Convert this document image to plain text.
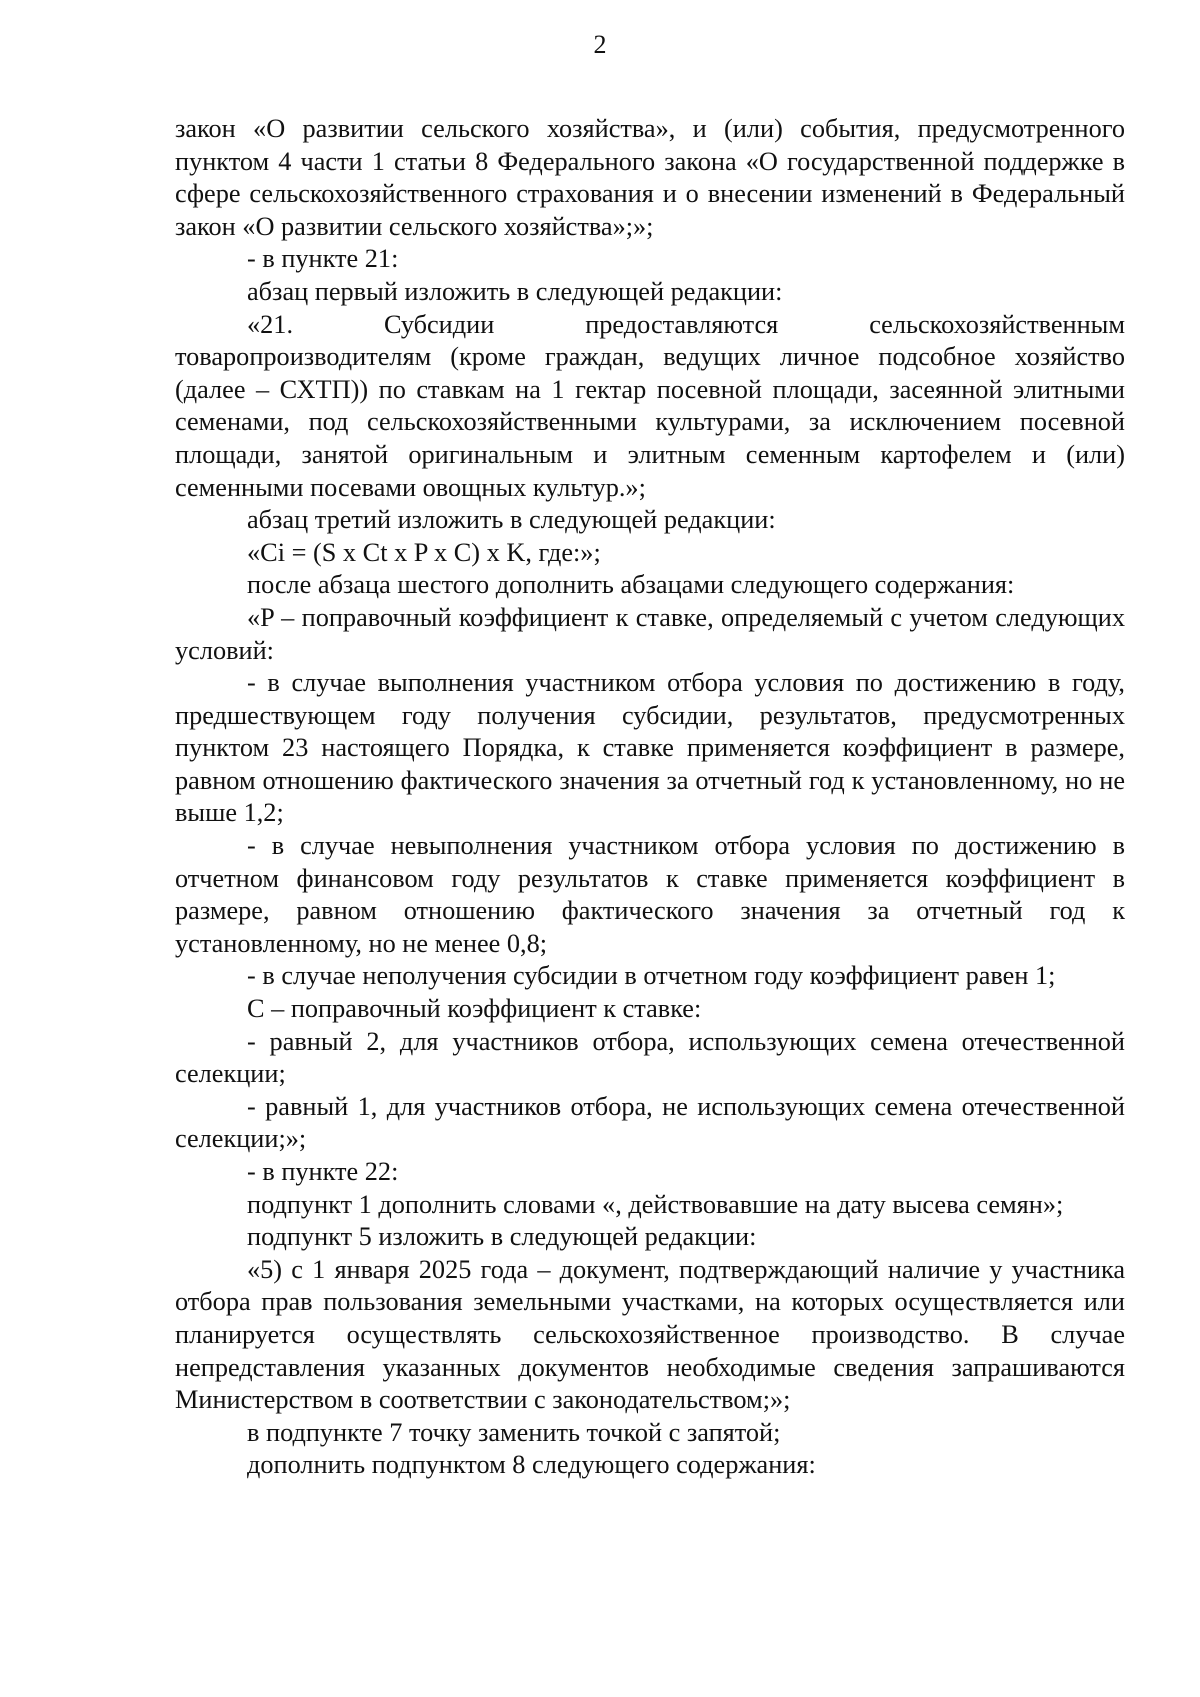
2

закон «О развитии сельского хозяйства», и (или) события, предусмотренного пунктом 4 части 1 статьи 8 Федерального закона «О государственной поддержке в сфере сельскохозяйственного страхования и о внесении изменений в Федеральный закон «О развитии сельского хозяйства»;»;

- в пункте 21:

абзац первый изложить в следующей редакции:

«21. Субсидии предоставляются сельскохозяйственным товаропроизводителям (кроме граждан, ведущих личное подсобное хозяйство (далее – СХТП)) по ставкам на 1 гектар посевной площади, засеянной элитными семенами, под сельскохозяйственными культурами, за исключением посевной площади, занятой оригинальным и элитным семенным картофелем и (или) семенными посевами овощных культур.»;

абзац третий изложить в следующей редакции:

«Ci = (S x Ct x P x C) x K, где:»;

после абзаца шестого дополнить абзацами следующего содержания:

«P – поправочный коэффициент к ставке, определяемый с учетом следующих условий:

- в случае выполнения участником отбора условия по достижению в году, предшествующем году получения субсидии, результатов, предусмотренных пунктом 23 настоящего Порядка, к ставке применяется коэффициент в размере, равном отношению фактического значения за отчетный год к установленному, но не выше 1,2;

- в случае невыполнения участником отбора условия по достижению в отчетном финансовом году результатов к ставке применяется коэффициент в размере, равном отношению фактического значения за отчетный год к установленному, но не менее 0,8;

- в случае неполучения субсидии в отчетном году коэффициент равен 1;

С – поправочный коэффициент к ставке:

- равный 2, для участников отбора, использующих семена отечественной селекции;

- равный 1, для участников отбора, не использующих семена отечественной селекции;»;

- в пункте 22:

подпункт 1 дополнить словами «, действовавшие на дату высева семян»;

подпункт 5 изложить в следующей редакции:

«5) с 1 января 2025 года – документ, подтверждающий наличие у участника отбора прав пользования земельными участками, на которых осуществляется или планируется осуществлять сельскохозяйственное производство. В случае непредставления указанных документов необходимые сведения запрашиваются Министерством в соответствии с законодательством;»;

в подпункте 7 точку заменить точкой с запятой;

дополнить подпунктом 8 следующего содержания:
